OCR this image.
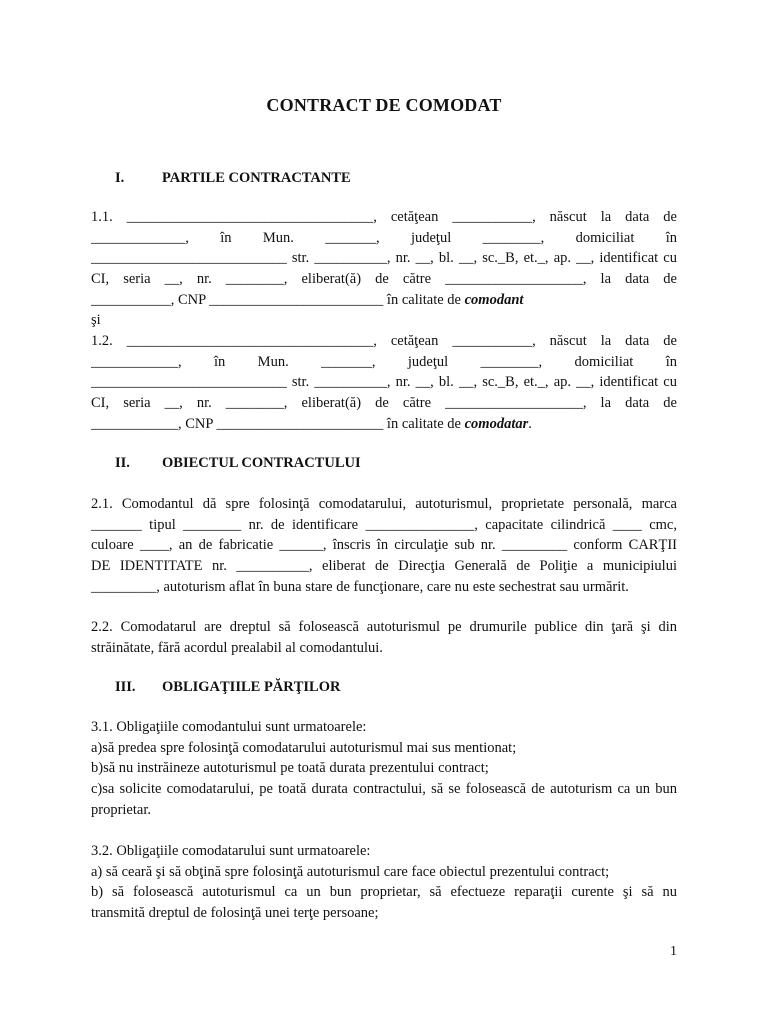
CONTRACT DE COMODAT
I.	PARTILE CONTRACTANTE
1.1. __________________________________, cetăţean ___________, născut la data de
_____________, în Mun. _______, judeţul ________, domiciliat în
___________________________ str. __________, nr. __, bl. __, sc._B, et._, ap. __, identificat cu
CI, seria __, nr. ________, eliberat(ă) de către ___________________, la data de
___________, CNP ________________________ în calitate de comodant
şi
1.2. __________________________________, cetăţean ___________, născut la data de
____________, în Mun. _______, judeţul ________, domiciliat în
___________________________ str. __________, nr. __, bl. __, sc._B, et._, ap. __, identificat cu
CI, seria __, nr. ________, eliberat(ă) de către ___________________, la data de
____________, CNP _______________________ în calitate de comodatar.
II. OBIECTUL CONTRACTULUI
2.1. Comodantul dă spre folosinţă comodatarului, autoturismul, proprietate personală, marca
_______ tipul ________ nr. de identificare _______________, capacitate cilindrică ____ cmc,
culoare ____, an de fabricatie ______, înscris în circulaţie sub nr. _________ conform CARŢII
DE IDENTITATE nr. __________, eliberat de Direcţia Generală de Poliţie a municipiului
_________, autoturism aflat în buna stare de funcţionare, care nu este sechestrat sau urmărit.
2.2. Comodatarul are dreptul să folosească autoturismul pe drumurile publice din ţară şi din
străinătate, fără acordul prealabil al comodantului.
III. OBLIGAŢIILE PĂRŢILOR
3.1. Obligaţiile comodantului sunt urmatoarele:
a)să predea spre folosinţă comodatarului autoturismul mai sus mentionat;
b)să nu instrăineze autoturismul pe toată durata prezentului contract;
c)sa solicite comodatarului, pe toată durata contractului, să se folosească de autoturism ca un bun
proprietar.
3.2. Obligaţiile comodatarului sunt urmatoarele:
a) să ceară şi să obţină spre folosinţă autoturismul care face obiectul prezentului contract;
b) să folosească autoturismul ca un bun proprietar, să efectueze reparaţii curente şi să nu
transmită dreptul de folosinţă unei terţe persoane;
1
